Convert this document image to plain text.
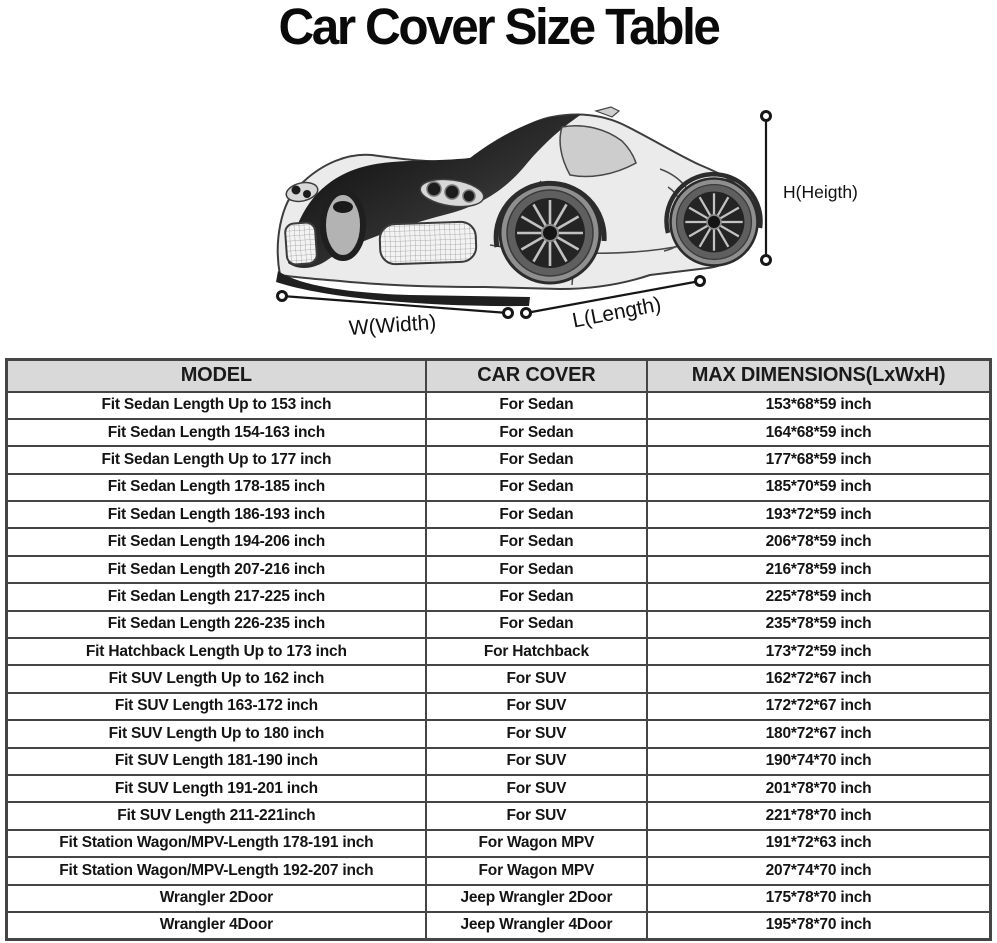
Car Cover Size Table
W(Width)	L(Length)
H(Heigth)
MODEL	CAR COVER	MAX DIMENSIONS(LxWxH)
Fit Sedan Length Up to 153 inch	For Sedan	153*68*59 inch
Fit Sedan Length 154-163 inch	For Sedan	164*68*59 inch
Fit Sedan Length Up to 177 inch	For Sedan	177*68*59 inch
Fit Sedan Length 178-185 inch	For Sedan	185*70*59 inch
Fit Sedan Length 186-193 inch	For Sedan	193*72*59 inch
Fit Sedan Length 194-206 inch	For Sedan	206*78*59 inch
Fit Sedan Length 207-216 inch	For Sedan	216*78*59 inch
Fit Sedan Length 217-225 inch	For Sedan	225*78*59 inch
Fit Sedan Length 226-235 inch	For Sedan	235*78*59 inch
Fit Hatchback Length Up to 173 inch	For Hatchback	173*72*59 inch
Fit SUV Length Up to 162 inch	For SUV	162*72*67 inch
Fit SUV Length 163-172 inch	For SUV	172*72*67 inch
Fit SUV Length Up to 180 inch	For SUV	180*72*67 inch
Fit SUV Length 181-190 inch	For SUV	190*74*70 inch
Fit SUV Length 191-201 inch	For SUV	201*78*70 inch
Fit SUV Length 211-221inch	For SUV	221*78*70 inch
Fit Station Wagon/MPV-Length 178-191 inch	For Wagon MPV	191*72*63 inch
Fit Station Wagon/MPV-Length 192-207 inch	For Wagon MPV	207*74*70 inch
Wrangler 2Door	Jeep Wrangler 2Door	175*78*70 inch
Wrangler 4Door	Jeep Wrangler 4Door	195*78*70 inch
